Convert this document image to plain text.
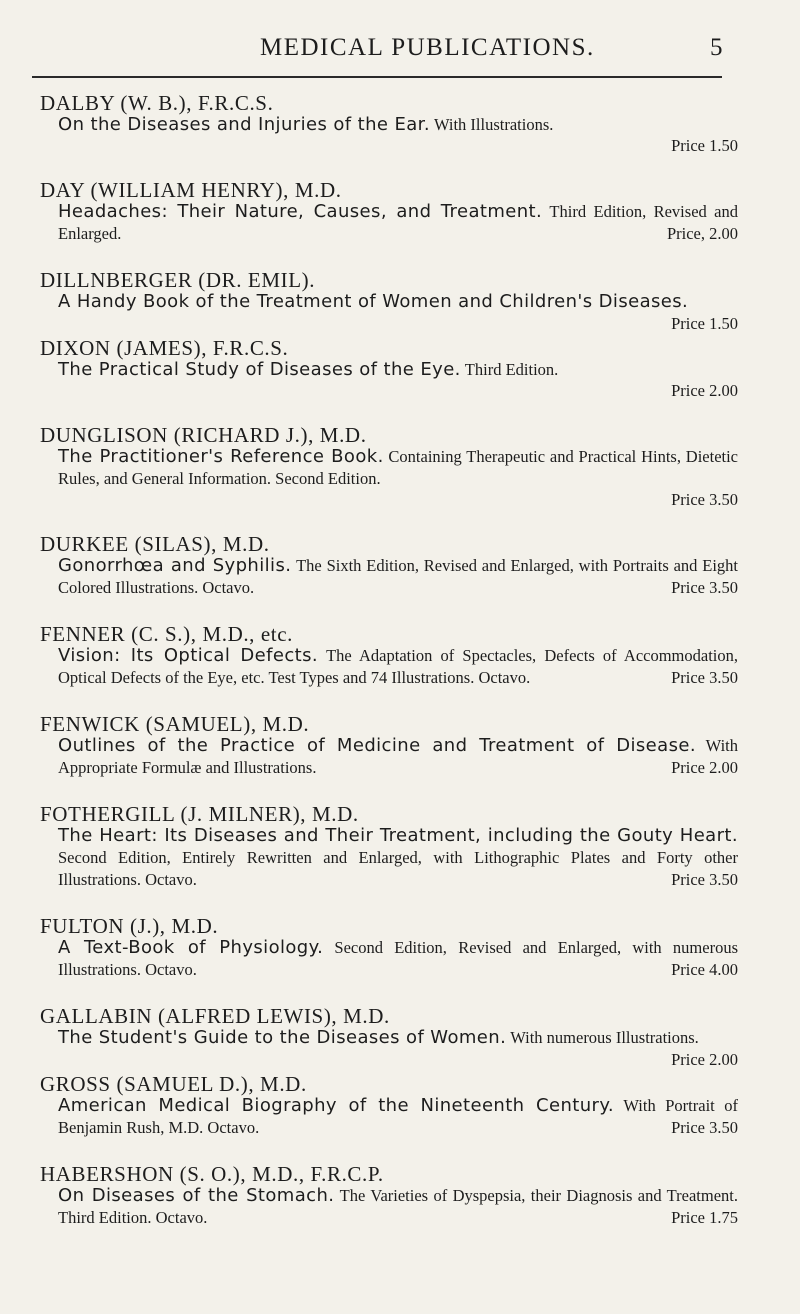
MEDICAL PUBLICATIONS.	5
DALBY (W. B.), F.R.C.S.
On the Diseases and Injuries of the Ear. With Illustrations.
Price 1.50
DAY (WILLIAM HENRY), M.D.
Headaches: Their Nature, Causes, and Treatment. Third Edition, Revised and Enlarged.	Price, 2.00
DILLNBERGER (DR. EMIL).
A Handy Book of the Treatment of Women and Children's Diseases.
Price 1.50
DIXON (JAMES), F.R.C.S.
The Practical Study of Diseases of the Eye. Third Edition.
Price 2.00
DUNGLISON (RICHARD J.), M.D.
The Practitioner's Reference Book. Containing Therapeutic and Practical Hints, Dietetic Rules, and General Information. Second Edition.
Price 3.50
DURKEE (SILAS), M.D.
Gonorrhœa and Syphilis. The Sixth Edition, Revised and Enlarged, with Portraits and Eight Colored Illustrations. Octavo.	Price 3.50
FENNER (C. S.), M.D., etc.
Vision: Its Optical Defects. The Adaptation of Spectacles, Defects of Accommodation, Optical Defects of the Eye, etc. Test Types and 74 Illustrations. Octavo.	Price 3.50
FENWICK (SAMUEL), M.D.
Outlines of the Practice of Medicine and Treatment of Disease. With Appropriate Formulæ and Illustrations.	Price 2.00
FOTHERGILL (J. MILNER), M.D.
The Heart: Its Diseases and Their Treatment, including the Gouty Heart. Second Edition, Entirely Rewritten and Enlarged, with Lithographic Plates and Forty other Illustrations. Octavo.	Price 3.50
FULTON (J.), M.D.
A Text-Book of Physiology. Second Edition, Revised and Enlarged, with numerous Illustrations. Octavo.	Price 4.00
GALLABIN (ALFRED LEWIS), M.D.
The Student's Guide to the Diseases of Women. With numerous Illustrations.
Price 2.00
GROSS (SAMUEL D.), M.D.
American Medical Biography of the Nineteenth Century. With Portrait of Benjamin Rush, M.D. Octavo.	Price 3.50
HABERSHON (S. O.), M.D., F.R.C.P.
On Diseases of the Stomach. The Varieties of Dyspepsia, their Diagnosis and Treatment. Third Edition. Octavo.	Price 1.75
